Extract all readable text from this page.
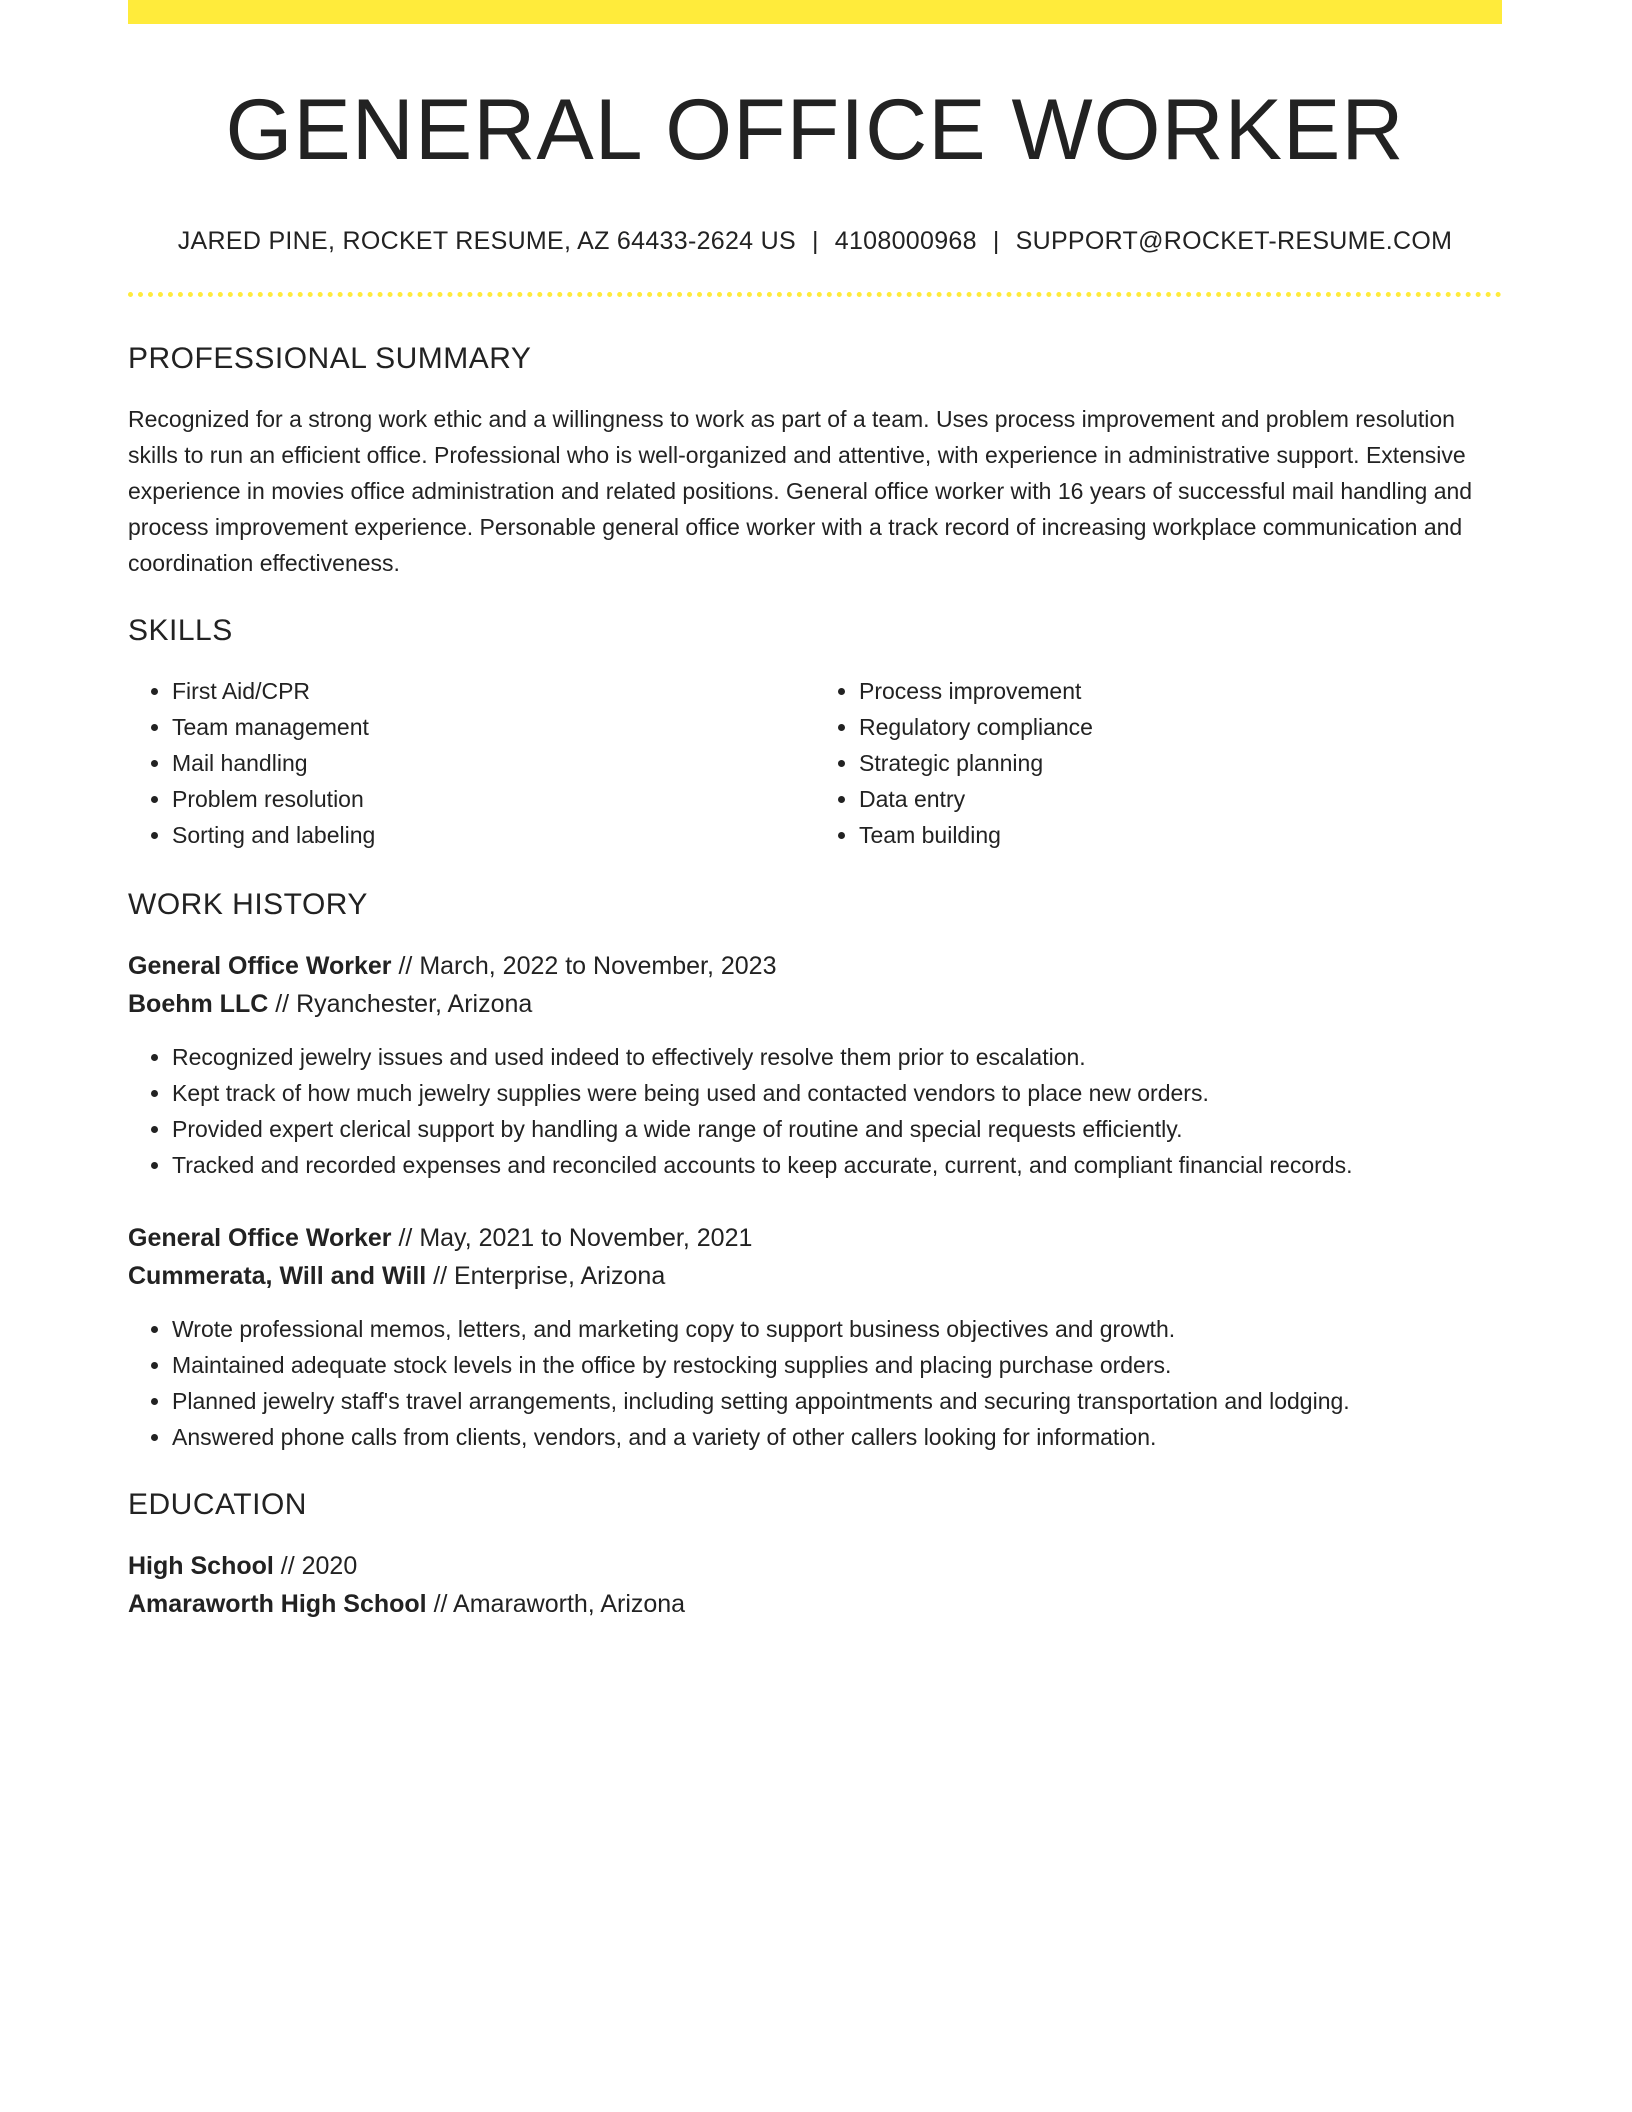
GENERAL OFFICE WORKER
JARED PINE, ROCKET RESUME, AZ 64433-2624 US | 4108000968 | SUPPORT@ROCKET-RESUME.COM
PROFESSIONAL SUMMARY

Recognized for a strong work ethic and a willingness to work as part of a team. Uses process improvement and problem resolution skills to run an efficient office. Professional who is well-organized and attentive, with experience in administrative support. Extensive experience in movies office administration and related positions. General office worker with 16 years of successful mail handling and process improvement experience. Personable general office worker with a track record of increasing workplace communication and coordination effectiveness.

SKILLS
• First Aid/CPR
• Team management
• Mail handling
• Problem resolution
• Sorting and labeling
• Process improvement
• Regulatory compliance
• Strategic planning
• Data entry
• Team building
WORK HISTORY
General Office Worker // March, 2022 to November, 2023
Boehm LLC // Ryanchester, Arizona
• Recognized jewelry issues and used indeed to effectively resolve them prior to escalation.
• Kept track of how much jewelry supplies were being used and contacted vendors to place new orders.
• Provided expert clerical support by handling a wide range of routine and special requests efficiently.
• Tracked and recorded expenses and reconciled accounts to keep accurate, current, and compliant financial records.
General Office Worker // May, 2021 to November, 2021
Cummerata, Will and Will // Enterprise, Arizona
• Wrote professional memos, letters, and marketing copy to support business objectives and growth.
• Maintained adequate stock levels in the office by restocking supplies and placing purchase orders.
• Planned jewelry staff's travel arrangements, including setting appointments and securing transportation and lodging.
• Answered phone calls from clients, vendors, and a variety of other callers looking for information.
EDUCATION
High School // 2020
Amaraworth High School // Amaraworth, Arizona
